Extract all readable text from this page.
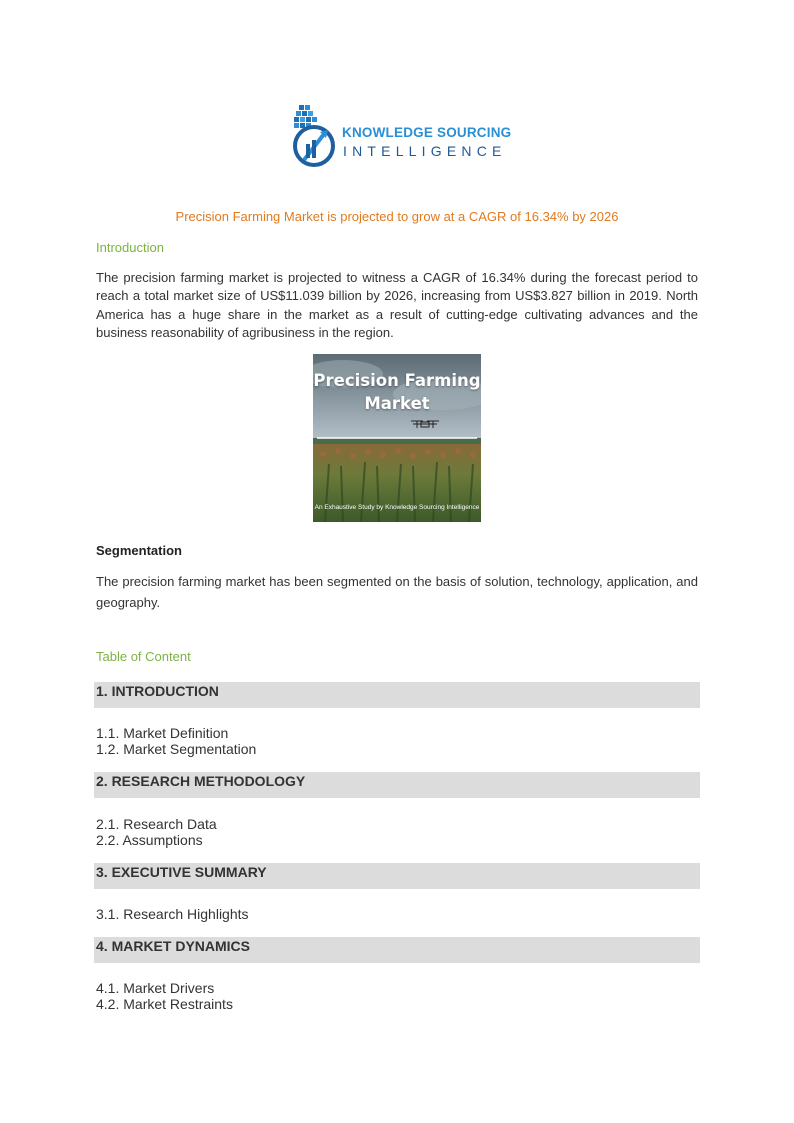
KNOWLEDGE SOURCING
INTELLIGENCE
Precision Farming Market is projected to grow at a CAGR of 16.34% by 2026
Introduction
The precision farming market is projected to witness a CAGR of 16.34% during the forecast period to reach a total market size of US$11.039 billion by 2026, increasing from US$3.827 billion in 2019. North America has a huge share in the market as a result of cutting-edge cultivating advances and the business reasonability of agribusiness in the region.
Precision Farming
Market
An Exhaustive Study by Knowledge Sourcing Intelligence
Segmentation
The precision farming market has been segmented on the basis of solution, technology, application, and geography.
Table of Content
1. INTRODUCTION
1.1. Market Definition
1.2. Market Segmentation
2. RESEARCH METHODOLOGY
2.1. Research Data
2.2. Assumptions
3. EXECUTIVE SUMMARY
3.1. Research Highlights
4. MARKET DYNAMICS
4.1. Market Drivers
4.2. Market Restraints
